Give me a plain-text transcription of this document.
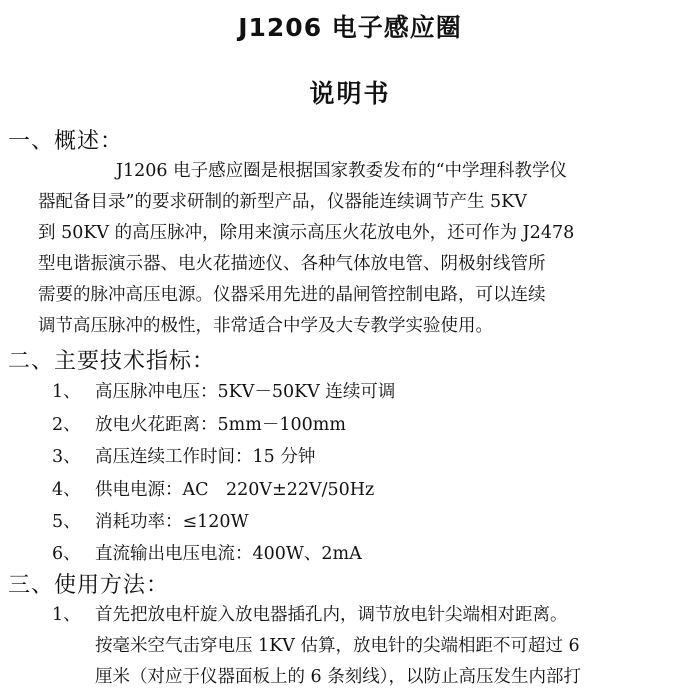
J1206 电子感应圈
说明书
一、概述：
J1206 电子感应圈是根据国家教委发布的“中学理科教学仪
器配备目录”的要求研制的新型产品，仪器能连续调节产生 5KV
到 50KV 的高压脉冲，除用来演示高压火花放电外，还可作为 J2478
型电谐振演示器、电火花描迹仪、各种气体放电管、阴极射线管所
需要的脉冲高压电源。仪器采用先进的晶闸管控制电路，可以连续
调节高压脉冲的极性，非常适合中学及大专教学实验使用。
二、主要技术指标：
1、 高压脉冲电压：5KV－50KV 连续可调
2、 放电火花距离：5mm－100mm
3、 高压连续工作时间：15 分钟
4、 供电电源：AC　220V±22V/50Hz
5、 消耗功率：≤120W
6、 直流输出电压电流：400W、2mA
三、使用方法：
1、 首先把放电杆旋入放电器插孔内，调节放电针尖端相对距离。
按毫米空气击穿电压 1KV 估算，放电针的尖端相距不可超过 6
厘米（对应于仪器面板上的 6 条刻线），以防止高压发生内部打
